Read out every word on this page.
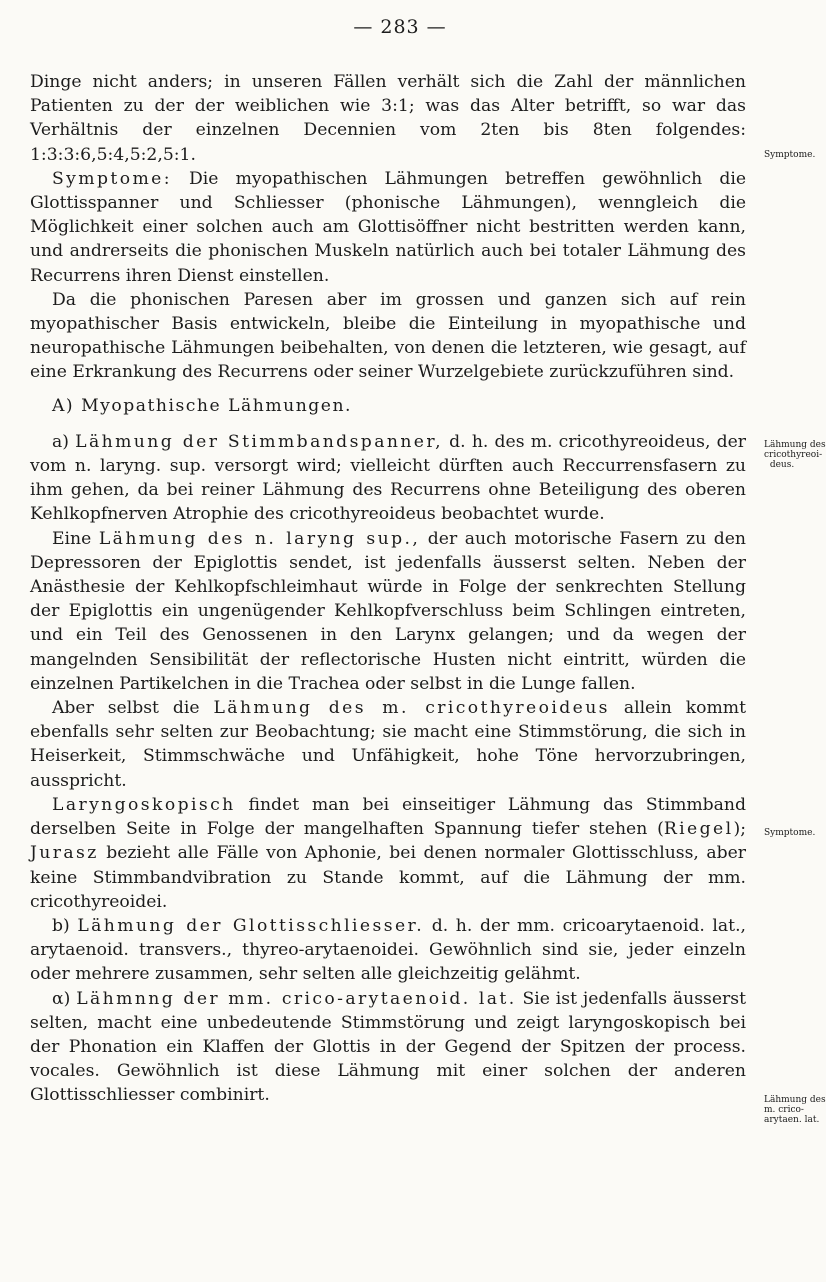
— 283 —
Symptome.
Lähmung des
cricothyreoi-
deus.
Symptome.
Lähmung des
m. crico-
arytaen. lat.

Dinge nicht anders; in unseren Fällen verhält sich die Zahl der männlichen Patienten zu der der weiblichen wie 3:1; was das Alter betrifft, so war das Verhältnis der einzelnen Decennien vom 2ten bis 8ten folgendes: 1:3:3:6,5:4,5:2,5:1.

Symptome: Die myopathischen Lähmungen betreffen gewöhnlich die Glottisspanner und Schliesser (phonische Lähmungen), wenngleich die Möglichkeit einer solchen auch am Glottisöffner nicht bestritten werden kann, und andrerseits die phonischen Muskeln natürlich auch bei totaler Lähmung des Recurrens ihren Dienst einstellen.

Da die phonischen Paresen aber im grossen und ganzen sich auf rein myopathischer Basis entwickeln, bleibe die Einteilung in myopathische und neuropathische Lähmungen beibehalten, von denen die letzteren, wie gesagt, auf eine Erkrankung des Recurrens oder seiner Wurzelgebiete zurückzuführen sind.

A) Myopathische Lähmungen.

a) Lähmung der Stimmbandspanner, d. h. des m. cricothyreoideus, der vom n. laryng. sup. versorgt wird; vielleicht dürften auch Reccurrensfasern zu ihm gehen, da bei reiner Lähmung des Recurrens ohne Beteiligung des oberen Kehlkopfnerven Atrophie des cricothyreoideus beobachtet wurde.

Eine Lähmung des n. laryng sup., der auch motorische Fasern zu den Depressoren der Epiglottis sendet, ist jedenfalls äusserst selten. Neben der Anästhesie der Kehlkopfschleimhaut würde in Folge der senkrechten Stellung der Epiglottis ein ungenügender Kehlkopfverschluss beim Schlingen eintreten, und ein Teil des Genossenen in den Larynx gelangen; und da wegen der mangelnden Sensibilität der reflectorische Husten nicht eintritt, würden die einzelnen Partikelchen in die Trachea oder selbst in die Lunge fallen.

Aber selbst die Lähmung des m. cricothyreoideus allein kommt ebenfalls sehr selten zur Beobachtung; sie macht eine Stimmstörung, die sich in Heiserkeit, Stimmschwäche und Unfähigkeit, hohe Töne hervorzubringen, ausspricht.

Laryngoskopisch findet man bei einseitiger Lähmung das Stimmband derselben Seite in Folge der mangelhaften Spannung tiefer stehen (Riegel); Jurasz bezieht alle Fälle von Aphonie, bei denen normaler Glottisschluss, aber keine Stimmbandvibration zu Stande kommt, auf die Lähmung der mm. cricothyreoidei.

b) Lähmung der Glottisschliesser. d. h. der mm. cricoarytaenoid. lat., arytaenoid. transvers., thyreo-arytaenoidei. Gewöhnlich sind sie, jeder einzeln oder mehrere zusammen, sehr selten alle gleichzeitig gelähmt.

α) Lähmnng der mm. crico-arytaenoid. lat. Sie ist jedenfalls äusserst selten, macht eine unbedeutende Stimmstörung und zeigt laryngoskopisch bei der Phonation ein Klaffen der Glottis in der Gegend der Spitzen der process. vocales. Gewöhnlich ist diese Lähmung mit einer solchen der anderen Glottisschliesser combinirt.
